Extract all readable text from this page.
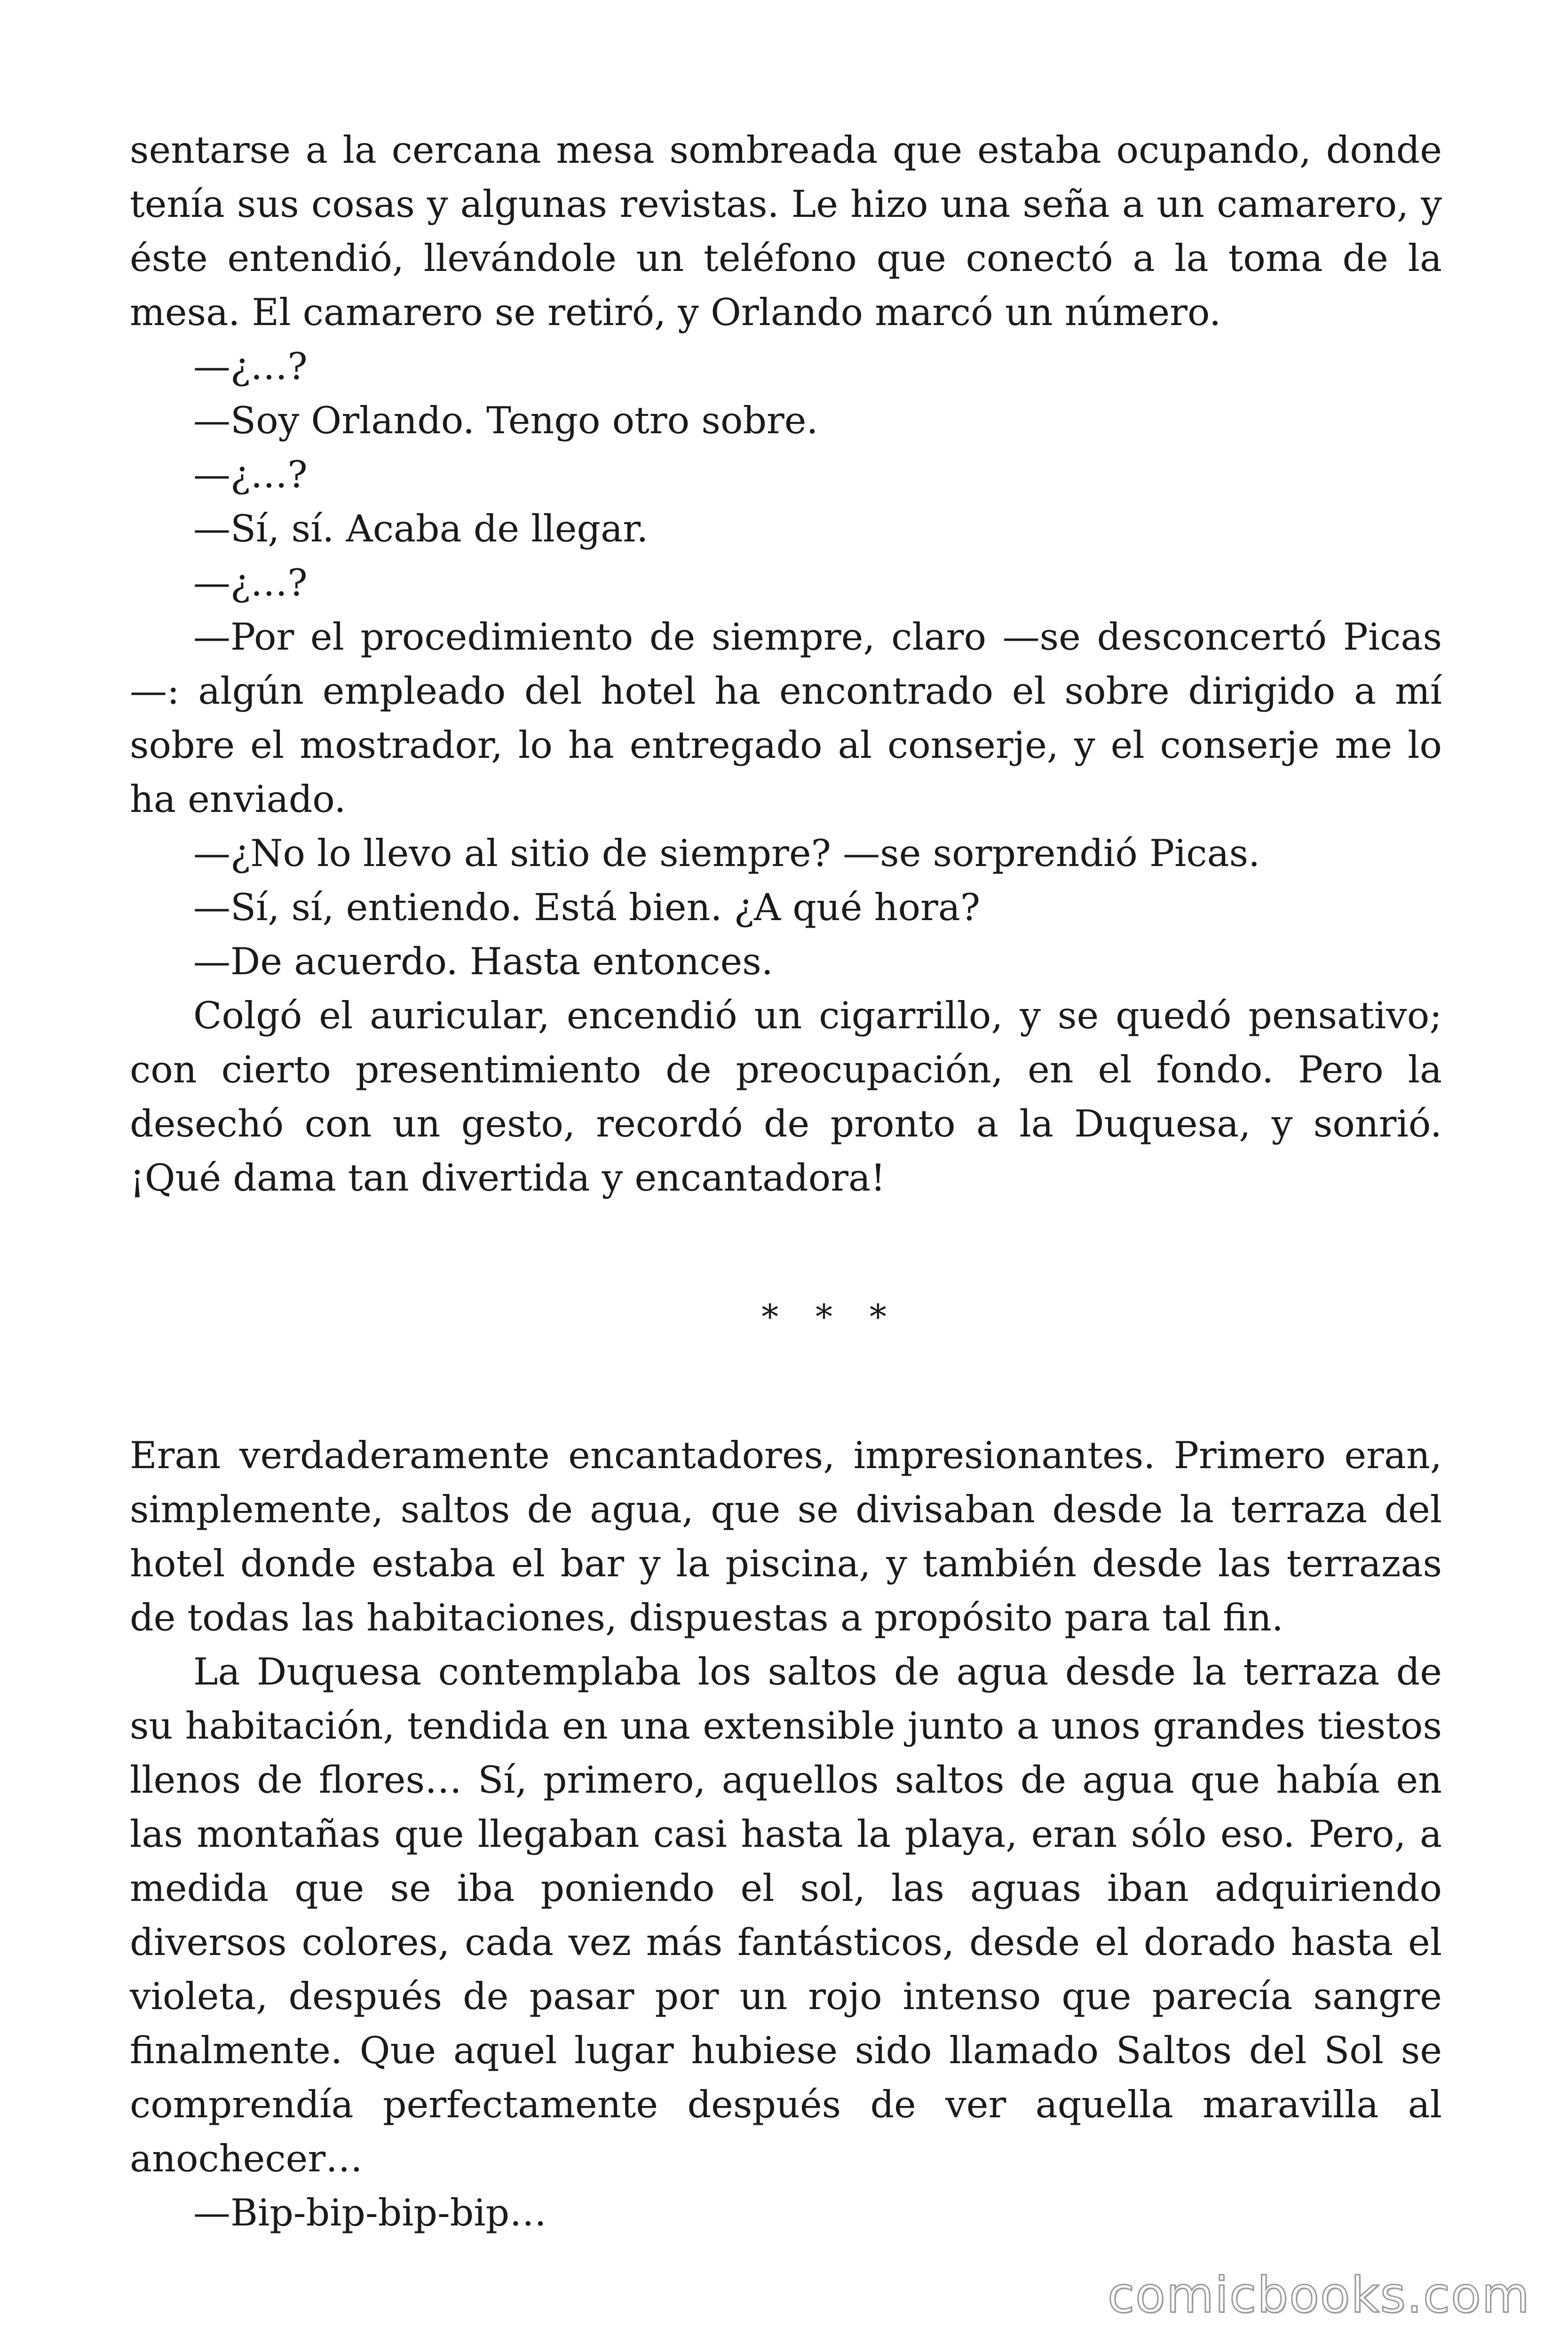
sentarse a la cercana mesa sombreada que estaba ocupando, donde tenía sus cosas y algunas revistas. Le hizo una seña a un camarero, y éste entendió, llevándole un teléfono que conectó a la toma de la mesa. El camarero se retiró, y Orlando marcó un número.

—¿…?

—Soy Orlando. Tengo otro sobre.

—¿…?

—Sí, sí. Acaba de llegar.

—¿…?

—Por el procedimiento de siempre, claro —se desconcertó Picas —: algún empleado del hotel ha encontrado el sobre dirigido a mí sobre el mostrador, lo ha entregado al conserje, y el conserje me lo ha enviado.

—¿No lo llevo al sitio de siempre? —se sorprendió Picas.

—Sí, sí, entiendo. Está bien. ¿A qué hora?

—De acuerdo. Hasta entonces.

Colgó el auricular, encendió un cigarrillo, y se quedó pensativo; con cierto presentimiento de preocupación, en el fondo. Pero la desechó con un gesto, recordó de pronto a la Duquesa, y sonrió. ¡Qué dama tan divertida y encantadora!

* * *

Eran verdaderamente encantadores, impresionantes. Primero eran, simplemente, saltos de agua, que se divisaban desde la terraza del hotel donde estaba el bar y la piscina, y también desde las terrazas de todas las habitaciones, dispuestas a propósito para tal fin.

La Duquesa contemplaba los saltos de agua desde la terraza de su habitación, tendida en una extensible junto a unos grandes tiestos llenos de flores… Sí, primero, aquellos saltos de agua que había en las montañas que llegaban casi hasta la playa, eran sólo eso. Pero, a medida que se iba poniendo el sol, las aguas iban adquiriendo diversos colores, cada vez más fantásticos, desde el dorado hasta el violeta, después de pasar por un rojo intenso que parecía sangre finalmente. Que aquel lugar hubiese sido llamado Saltos del Sol se comprendía perfectamente después de ver aquella maravilla al anochecer…

—Bip-bip-bip-bip…

comicbooks.com
